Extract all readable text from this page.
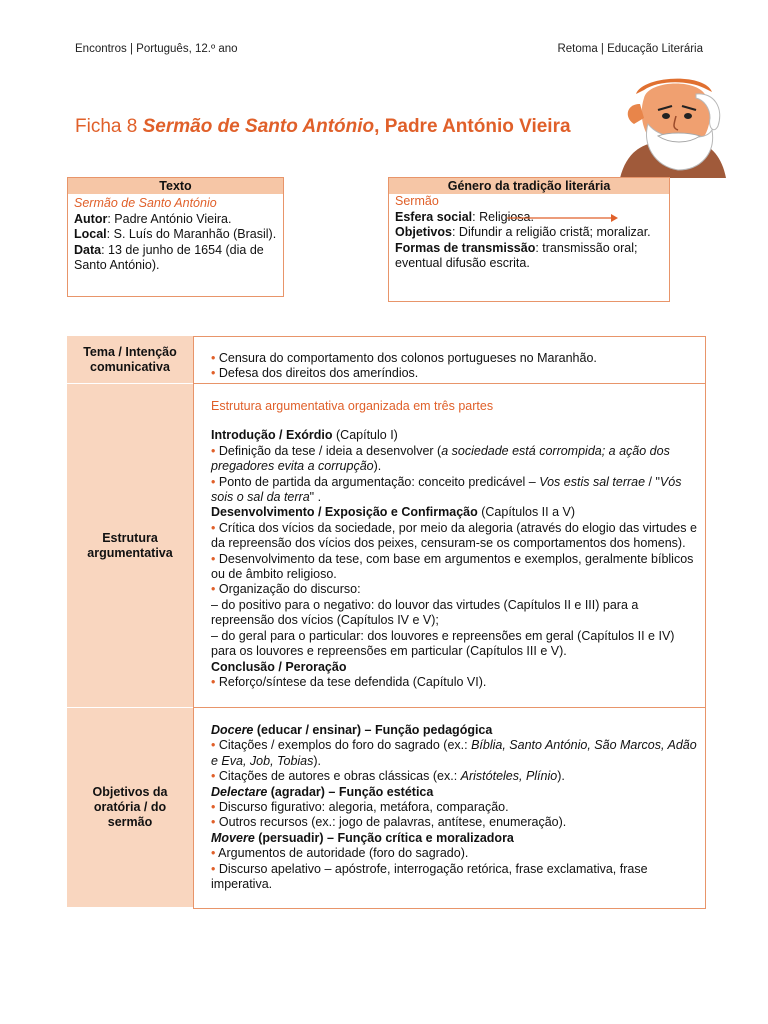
Encontros | Português, 12.º ano	Retoma | Educação Literária
Ficha 8 Sermão de Santo António, Padre António Vieira
Texto
Sermão de Santo António
Autor: Padre António Vieira.
Local: S. Luís do Maranhão (Brasil).
Data: 13 de junho de 1654 (dia de Santo António).
Género da tradição literária
Sermão
Esfera social: Religiosa.
Objetivos: Difundir a religião cristã; moralizar.
Formas de transmissão: transmissão oral; eventual difusão escrita.
Tema / Intenção comunicativa
Estrutura argumentativa
Objetivos da oratória / do sermão

• Censura do comportamento dos colonos portugueses no Maranhão.

• Defesa dos direitos dos ameríndios.

Estrutura argumentativa organizada em três partes

Introdução / Exórdio (Capítulo I)

• Definição da tese / ideia a desenvolver (a sociedade está corrompida; a ação dos pregadores evita a corrupção).

• Ponto de partida da argumentação: conceito predicável – Vos estis sal terrae / "Vós sois o sal da terra" .

Desenvolvimento / Exposição e Confirmação (Capítulos II a V)

• Crítica dos vícios da sociedade, por meio da alegoria (através do elogio das virtudes e da repreensão dos vícios dos peixes, censuram-se os comportamentos dos homens).

• Desenvolvimento da tese, com base em argumentos e exemplos, geralmente bíblicos ou de âmbito religioso.

• Organização do discurso:

– do positivo para o negativo: do louvor das virtudes (Capítulos II e III) para a repreensão dos vícios (Capítulos IV e V);

– do geral para o particular: dos louvores e repreensões em geral (Capítulos II e IV) para os louvores e repreensões em particular (Capítulos III e V).

Conclusão / Peroração

• Reforço/síntese da tese defendida (Capítulo VI).

Docere (educar / ensinar) – Função pedagógica

• Citações / exemplos do foro do sagrado (ex.: Bíblia, Santo António, São Marcos, Adão e Eva, Job, Tobias).

• Citações de autores e obras clássicas (ex.: Aristóteles, Plínio).

Delectare (agradar) – Função estética

• Discurso figurativo: alegoria, metáfora, comparação.

• Outros recursos (ex.: jogo de palavras, antítese, enumeração).

Movere (persuadir) – Função crítica e moralizadora

• Argumentos de autoridade (foro do sagrado).

• Discurso apelativo – apóstrofe, interrogação retórica, frase exclamativa, frase imperativa.
